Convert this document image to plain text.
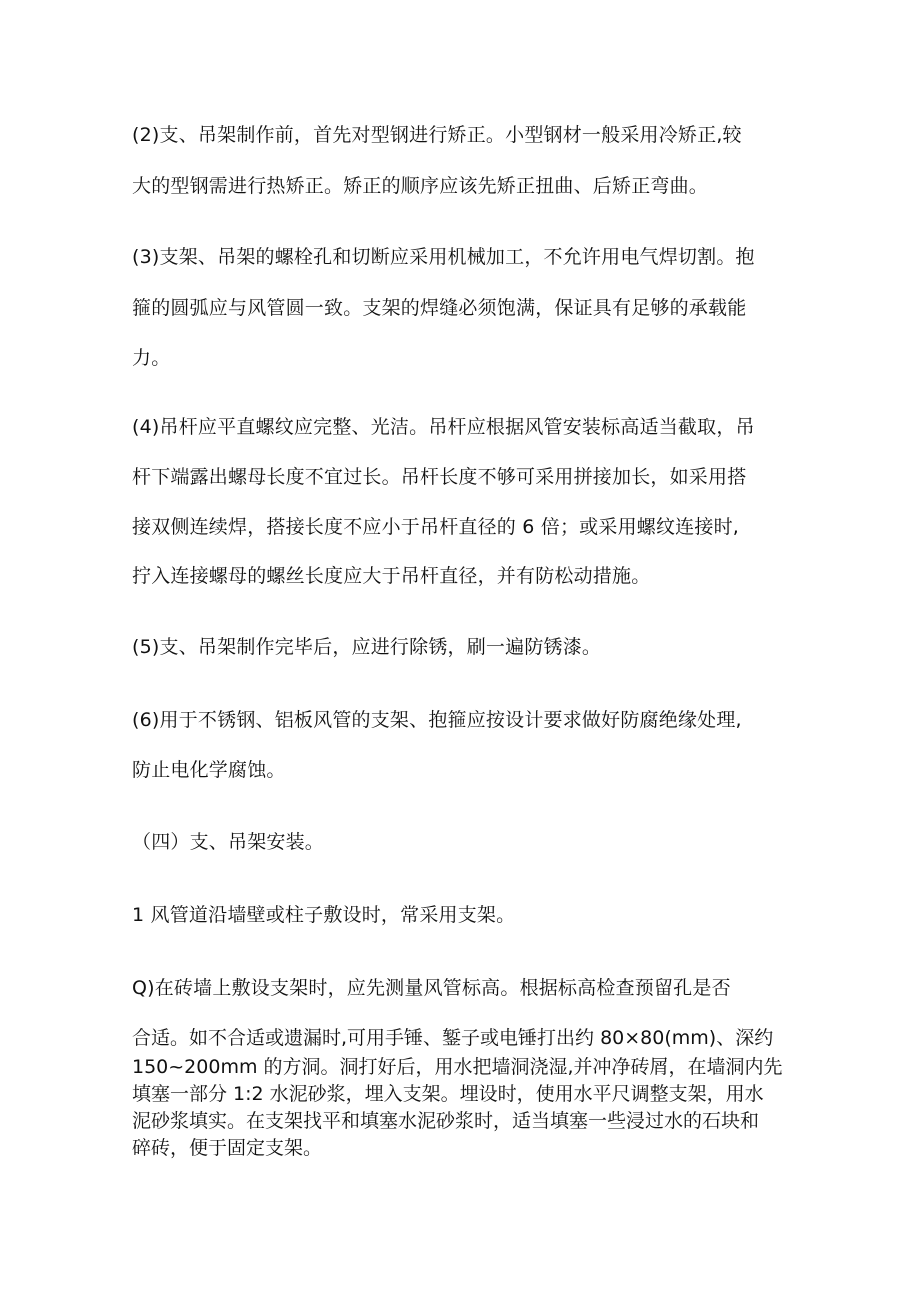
(2)支、吊架制作前，首先对型钢进行矫正。小型钢材一般采用冷矫正,较
大的型钢需进行热矫正。矫正的顺序应该先矫正扭曲、后矫正弯曲。
(3)支架、吊架的螺栓孔和切断应采用机械加工，不允许用电气焊切割。抱
箍的圆弧应与风管圆一致。支架的焊缝必须饱满，保证具有足够的承载能
力。
(4)吊杆应平直螺纹应完整、光洁。吊杆应根据风管安装标高适当截取，吊
杆下端露出螺母长度不宜过长。吊杆长度不够可采用拼接加长，如采用搭
接双侧连续焊，搭接长度不应小于吊杆直径的 6 倍；或采用螺纹连接时,
拧入连接螺母的螺丝长度应大于吊杆直径，并有防松动措施。
(5)支、吊架制作完毕后，应进行除锈，刷一遍防锈漆。
(6)用于不锈钢、铝板风管的支架、抱箍应按设计要求做好防腐绝缘处理,
防止电化学腐蚀。
（四）支、吊架安装。
1 风管道沿墙壁或柱子敷设时，常采用支架。
Q)在砖墙上敷设支架时，应先测量风管标高。根据标高检查预留孔是否
合适。如不合适或遗漏时,可用手锤、錾子或电锤打出约 80×80(mm)、深约
150~200mm 的方洞。洞打好后，用水把墙洞浇湿,并冲净砖屑，在墙洞内先
填塞一部分 1:2 水泥砂浆，埋入支架。埋设时，使用水平尺调整支架，用水
泥砂浆填实。在支架找平和填塞水泥砂浆时，适当填塞一些浸过水的石块和
碎砖，便于固定支架。
